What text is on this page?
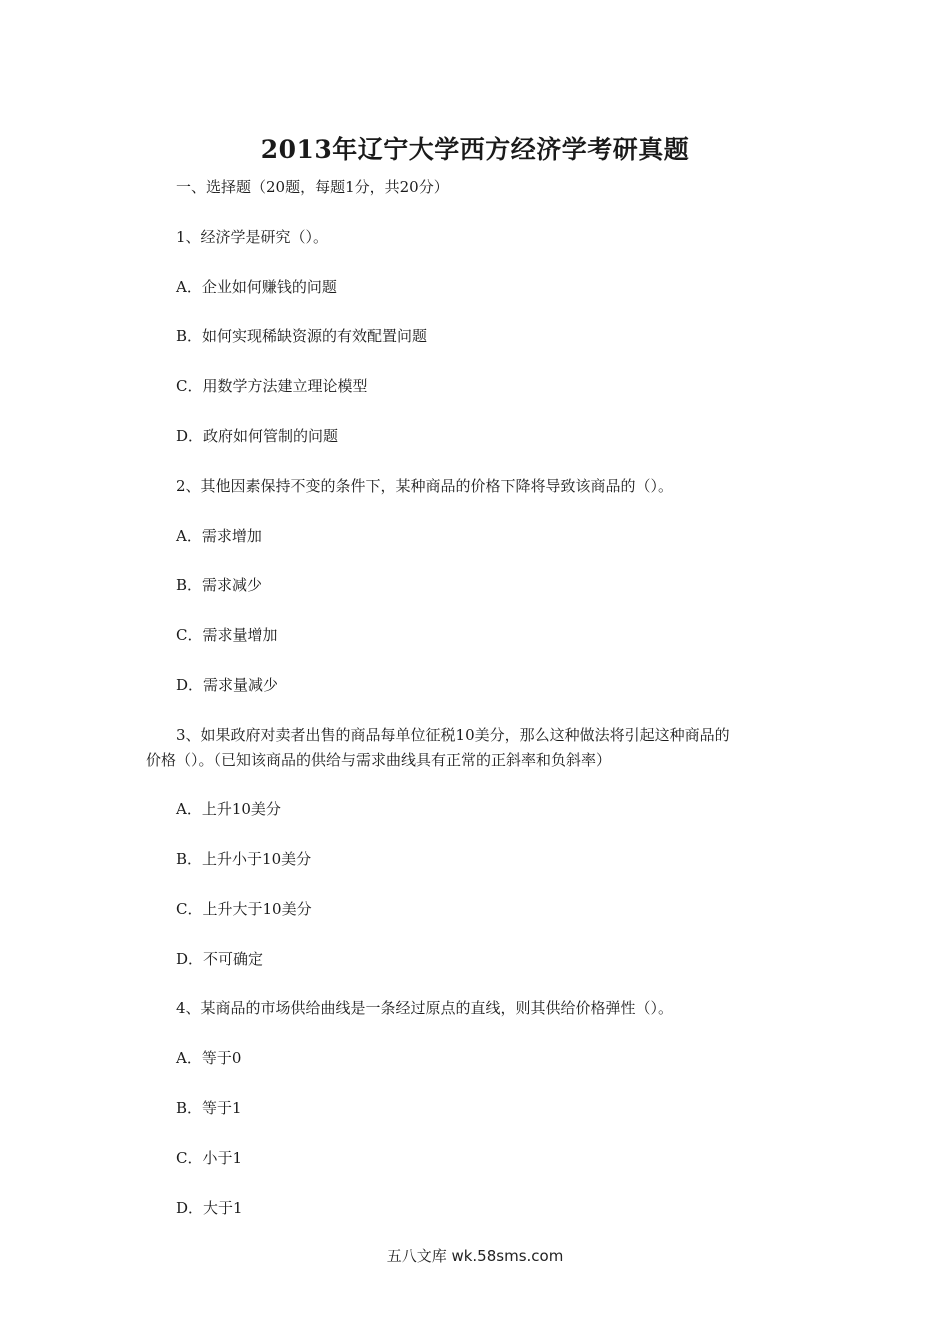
2013年辽宁大学西方经济学考研真题
一、选择题（20题，每题1分，共20分）
1、经济学是研究（）。
A．企业如何赚钱的问题
B．如何实现稀缺资源的有效配置问题
C．用数学方法建立理论模型
D．政府如何管制的问题
2、其他因素保持不变的条件下，某种商品的价格下降将导致该商品的（）。
A．需求增加
B．需求减少
C．需求量增加
D．需求量减少
3、如果政府对卖者出售的商品每单位征税10美分，那么这种做法将引起这种商品的
价格（）。（已知该商品的供给与需求曲线具有正常的正斜率和负斜率）
A．上升10美分
B．上升小于10美分
C．上升大于10美分
D．不可确定
4、某商品的市场供给曲线是一条经过原点的直线，则其供给价格弹性（）。
A．等于0
B．等于1
C．小于1
D．大于1
五八文库 wk.58sms.com
